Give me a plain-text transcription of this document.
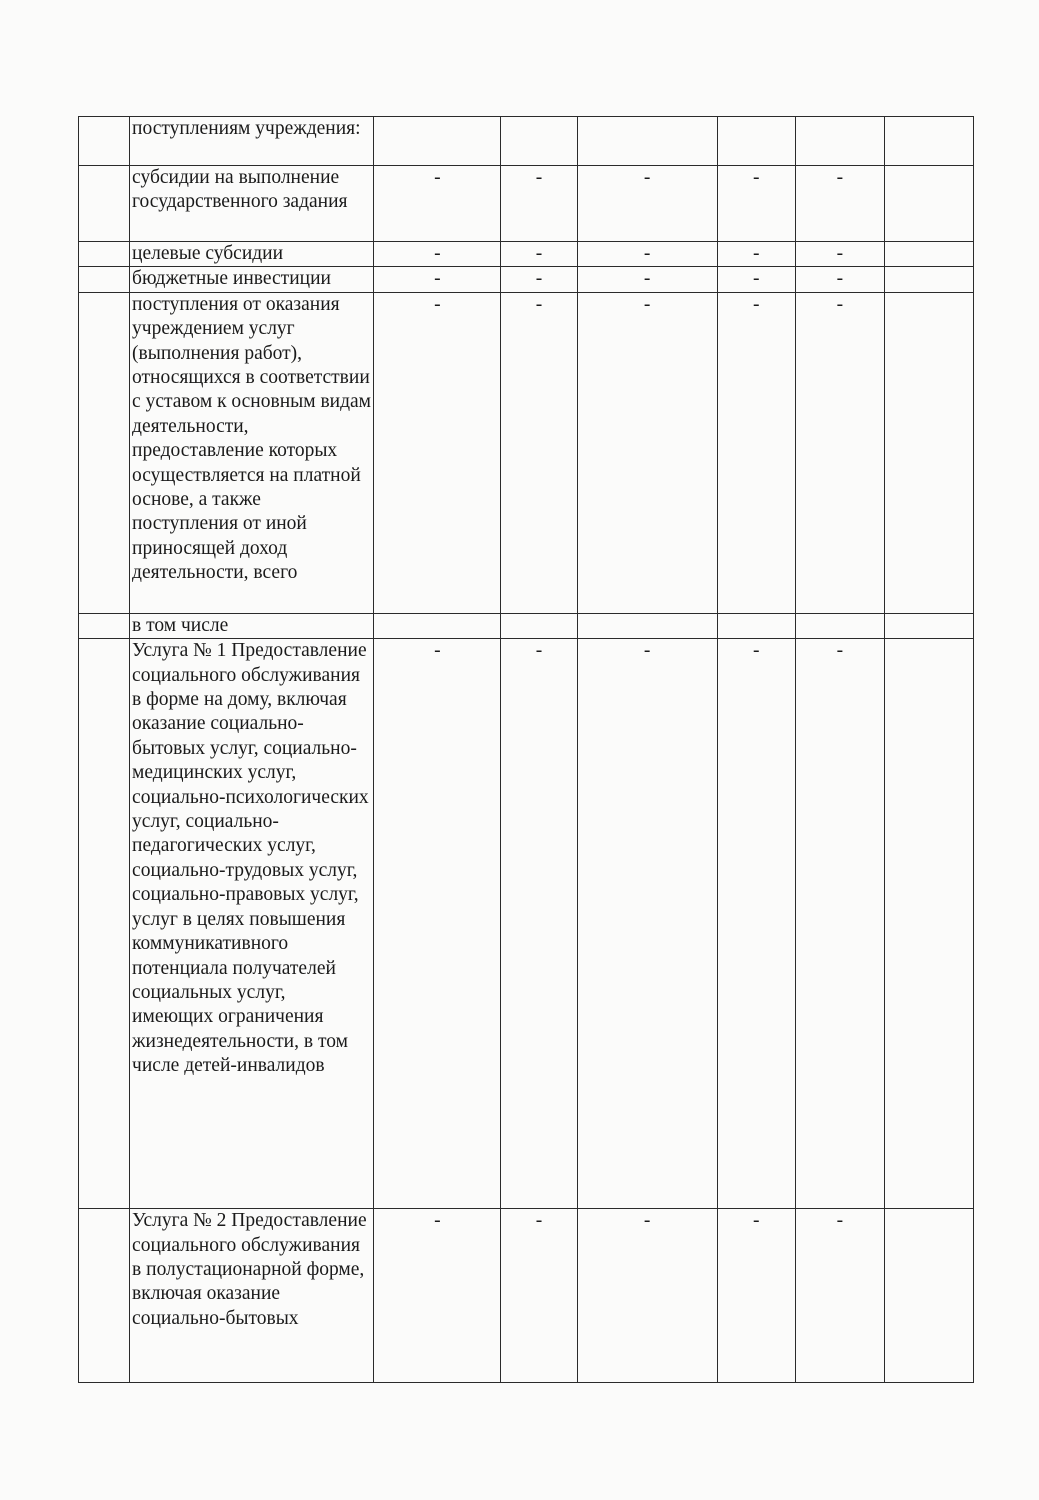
	поступлениям учреждения:						
	субсидии на выполнение государственного задания	-	-	-	-	-	
	целевые субсидии	-	-	-	-	-	
	бюджетные инвестиции	-	-	-	-	-	
	поступления от оказания учреждением услуг (выполнения работ), относящихся в соответствии с уставом к основным видам деятельности, предоставление которых осуществляется на платной основе, а также поступления от иной приносящей доход деятельности, всего	-	-	-	-	-	
	в том числе						
	Услуга № 1 Предоставление социального обслуживания в форме на дому, включая оказание социально-бытовых услуг, социально-медицинских услуг, социально-психологических услуг, социально-педагогических услуг, социально-трудовых услуг, социально-правовых услуг, услуг в целях повышения коммуникативного потенциала получателей социальных услуг, имеющих ограничения жизнедеятельности, в том числе детей-инвалидов	-	-	-	-	-	
	Услуга № 2 Предоставление социального обслуживания в полустационарной форме, включая оказание социально-бытовых	-	-	-	-	-	
